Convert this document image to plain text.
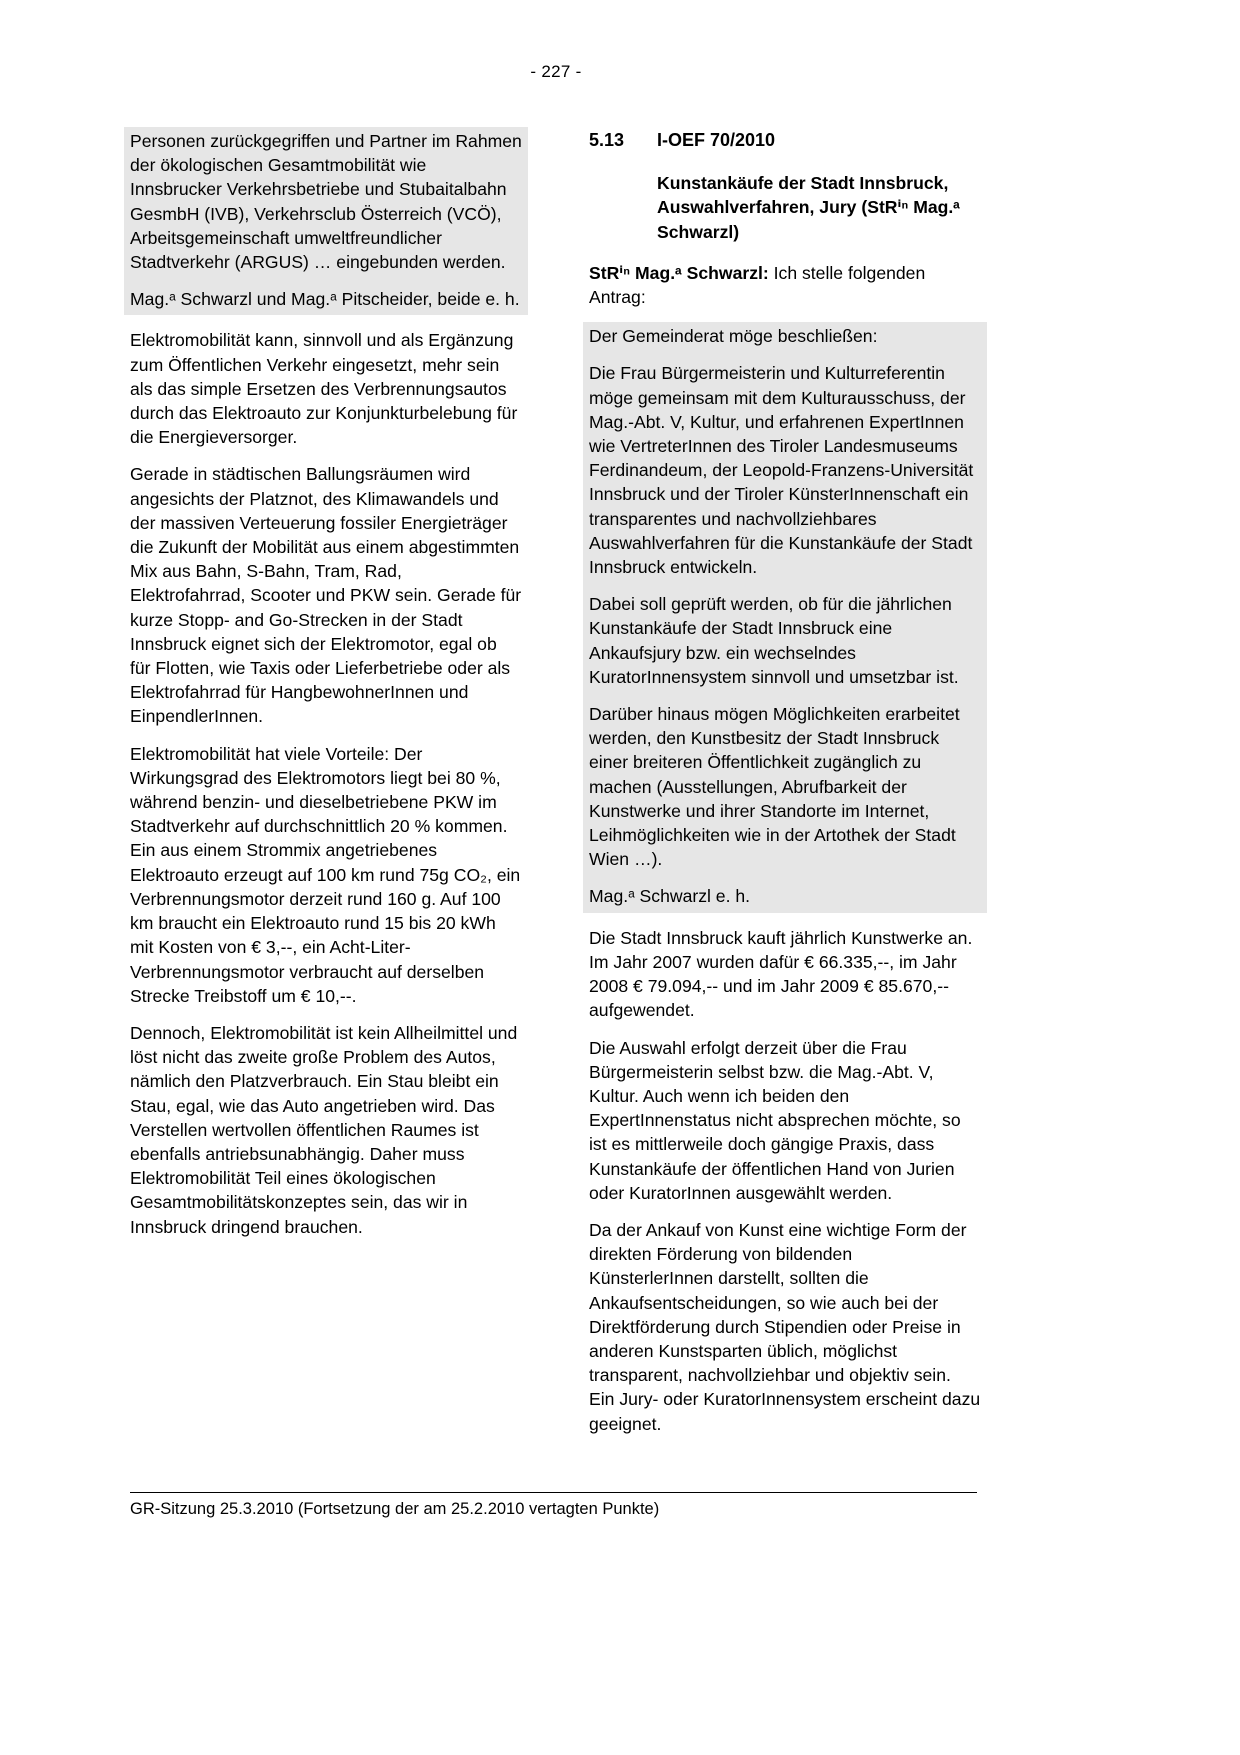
- 227 -

Personen zurückgegriffen und Partner im Rahmen der ökologischen Gesamtmobilität wie Innsbrucker Verkehrsbetriebe und Stubaitalbahn GesmbH (IVB), Verkehrsclub Österreich (VCÖ), Arbeitsgemeinschaft umweltfreundlicher Stadtverkehr (ARGUS) … eingebunden werden.

Mag.ᵃ Schwarzl und Mag.ᵃ Pitscheider, beide e. h.

Elektromobilität kann, sinnvoll und als Ergänzung zum Öffentlichen Verkehr eingesetzt, mehr sein als das simple Ersetzen des Verbrennungsautos durch das Elektroauto zur Konjunkturbelebung für die Energieversorger.

Gerade in städtischen Ballungsräumen wird angesichts der Platznot, des Klimawandels und der massiven Verteuerung fossiler Energieträger die Zukunft der Mobilität aus einem abgestimmten Mix aus Bahn, S-Bahn, Tram, Rad, Elektrofahrrad, Scooter und PKW sein. Gerade für kurze Stopp- and Go-Strecken in der Stadt Innsbruck eignet sich der Elektromotor, egal ob für Flotten, wie Taxis oder Lieferbetriebe oder als Elektrofahrrad für HangbewohnerInnen und EinpendlerInnen.

Elektromobilität hat viele Vorteile: Der Wirkungsgrad des Elektromotors liegt bei 80 %, während benzin- und dieselbetriebene PKW im Stadtverkehr auf durchschnittlich 20 % kommen. Ein aus einem Strommix angetriebenes Elektroauto erzeugt auf 100 km rund 75g CO₂, ein Verbrennungsmotor derzeit rund 160 g. Auf 100 km braucht ein Elektroauto rund 15 bis 20 kWh mit Kosten von € 3,--, ein Acht-Liter-Verbrennungsmotor verbraucht auf derselben Strecke Treibstoff um € 10,--.

Dennoch, Elektromobilität ist kein Allheilmittel und löst nicht das zweite große Problem des Autos, nämlich den Platzverbrauch. Ein Stau bleibt ein Stau, egal, wie das Auto angetrieben wird. Das Verstellen wertvollen öffentlichen Raumes ist ebenfalls antriebsunabhängig. Daher muss Elektromobilität Teil eines ökologischen Gesamtmobilitätskonzeptes sein, das wir in Innsbruck dringend brauchen.

5.13	I-OEF 70/2010

Kunstankäufe der Stadt Innsbruck, Auswahlverfahren, Jury (StRⁱⁿ Mag.ᵃ Schwarzl)

StRⁱⁿ Mag.ᵃ Schwarzl: Ich stelle folgenden Antrag:

Der Gemeinderat möge beschließen:

Die Frau Bürgermeisterin und Kulturreferentin möge gemeinsam mit dem Kulturausschuss, der Mag.-Abt. V, Kultur, und erfahrenen ExpertInnen wie VertreterInnen des Tiroler Landesmuseums Ferdinandeum, der Leopold-Franzens-Universität Innsbruck und der Tiroler KünsterInnenschaft ein transparentes und nachvollziehbares Auswahlverfahren für die Kunstankäufe der Stadt Innsbruck entwickeln.

Dabei soll geprüft werden, ob für die jährlichen Kunstankäufe der Stadt Innsbruck eine Ankaufsjury bzw. ein wechselndes KuratorInnensystem sinnvoll und umsetzbar ist.

Darüber hinaus mögen Möglichkeiten erarbeitet werden, den Kunstbesitz der Stadt Innsbruck einer breiteren Öffentlichkeit zugänglich zu machen (Ausstellungen, Abrufbarkeit der Kunstwerke und ihrer Standorte im Internet, Leihmöglichkeiten wie in der Artothek der Stadt Wien …).

Mag.ᵃ Schwarzl e. h.

Die Stadt Innsbruck kauft jährlich Kunstwerke an. Im Jahr 2007 wurden dafür € 66.335,--, im Jahr 2008 € 79.094,-- und im Jahr 2009 € 85.670,-- aufgewendet.

Die Auswahl erfolgt derzeit über die Frau Bürgermeisterin selbst bzw. die Mag.-Abt. V, Kultur. Auch wenn ich beiden den ExpertInnenstatus nicht absprechen möchte, so ist es mittlerweile doch gängige Praxis, dass Kunstankäufe der öffentlichen Hand von Jurien oder KuratorInnen ausgewählt werden.

Da der Ankauf von Kunst eine wichtige Form der direkten Förderung von bildenden KünsterlerInnen darstellt, sollten die Ankaufsentscheidungen, so wie auch bei der Direktförderung durch Stipendien oder Preise in anderen Kunstsparten üblich, möglichst transparent, nachvollziehbar und objektiv sein. Ein Jury- oder KuratorInnensystem erscheint dazu geeignet.

GR-Sitzung 25.3.2010 (Fortsetzung der am 25.2.2010 vertagten Punkte)
